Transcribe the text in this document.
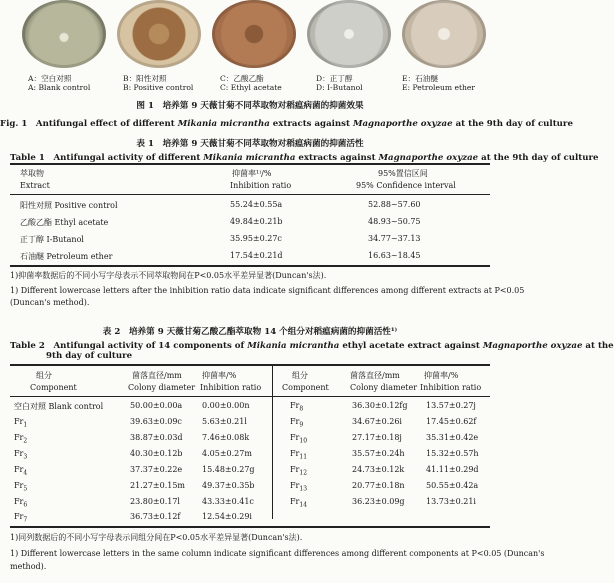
A：空白对照
A: Blank control
B：阳性对照
B: Positive control
C：乙酸乙酯
C: Ethyl acetate
D：正丁醇
D: I-Butanol
E：石油醚
E: Petroleum ether
图 1　培养第 9 天薇甘菊不同萃取物对稻瘟病菌的抑菌效果
Fig. 1　Antifungal effect of different Mikania micrantha extracts against Magnaporthe oxyzae at the 9th day of culture
表 1　培养第 9 天薇甘菊不同萃取物对稻瘟病菌的抑菌活性
Table 1　Antifungal activity of different Mikania micrantha extracts against Magnaporthe oxyzae at the 9th day of culture
萃取物	抑菌率¹⁾/%	95%置信区间
Extract	Inhibition ratio	95% Confidence interval
阳性对照 Positive control	55.24±0.55a	52.88~57.60
乙酸乙酯 Ethyl acetate	49.84±0.21b	48.93~50.75
正丁醇 I-Butanol	35.95±0.27c	34.77~37.13
石油醚 Petroleum ether	17.54±0.21d	16.63~18.45
1)抑菌率数据后的不同小写字母表示不同萃取物间在P<0.05水平差异显著(Duncan's法).
1) Different lowercase letters after the inhibition ratio data indicate significant differences among different extracts at P<0.05
(Duncan's method).
表 2　培养第 9 天薇甘菊乙酸乙酯萃取物 14 个组分对稻瘟病菌的抑菌活性¹⁾
Table 2　Antifungal activity of 14 components of Mikania micrantha ethyl acetate extract against Magnaporthe oxyzae at the
9th day of culture
组分	菌落直径/mm	抑菌率/%	组分	菌落直径/mm	抑菌率/%
Component	Colony diameter Inhibition ratio	Component	Colony diameter Inhibition ratio
空白对照 Blank control	50.00±0.00a 0.00±0.00n
$Fr_1$	39.63±0.09c	5.63±0.21l
$Fr_2$	38.87±0.03d 7.46±0.08k
$Fr_3$	40.30±0.12b 4.05±0.27m
$Fr_4$	37.37±0.22e 15.48±0.27g
$Fr_5$	21.27±0.15m 49.37±0.35b
$Fr_6$	23.80±0.17l	43.33±0.41c
$Fr_7$	36.73±0.12f	12.54±0.29i
$Fr_8$	36.30±0.12fg 13.57±0.27j
$Fr_9$	34.67±0.26i	17.45±0.62f
$Fr_{10}$	27.17±0.18j	35.31±0.42e
$Fr_{11}$	35.57±0.24h	15.32±0.57h
$Fr_{12}$	24.73±0.12k	41.11±0.29d
$Fr_{13}$	20.77±0.18n	50.55±0.42a
$Fr_{14}$	36.23±0.09g	13.73±0.21i
1)同列数据后的不同小写字母表示同组分间在P<0.05水平差异显著(Duncan's法).
1) Different lowercase letters in the same column indicate significant differences among different components at P<0.05 (Duncan's
method).
